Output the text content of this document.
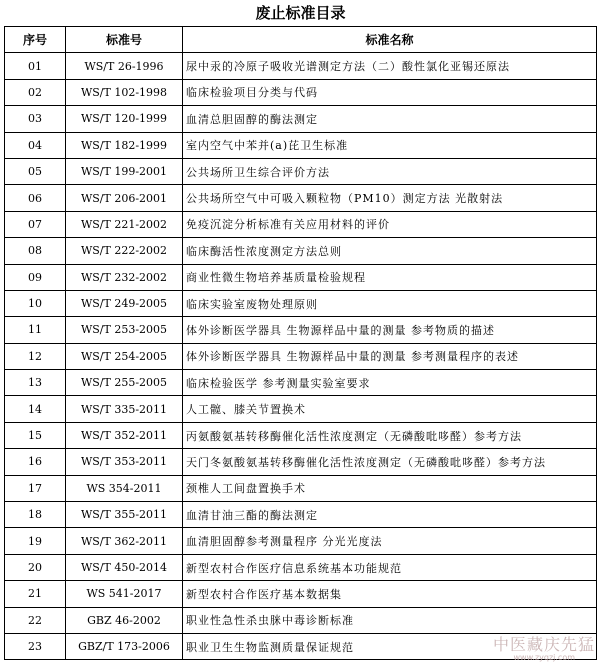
废止标准目录
序号	标准号	标准名称
01	WS/T 26-1996	尿中汞的冷原子吸收光谱测定方法（二）酸性氯化亚锡还原法
02	WS/T 102-1998	临床检验项目分类与代码
03	WS/T 120-1999	血清总胆固醇的酶法测定
04	WS/T 182-1999	室内空气中苯并(a)芘卫生标准
05	WS/T 199-2001	公共场所卫生综合评价方法
06	WS/T 206-2001	公共场所空气中可吸入颗粒物（PM10）测定方法 光散射法
07	WS/T 221-2002	免疫沉淀分析标准有关应用材料的评价
08	WS/T 222-2002	临床酶活性浓度测定方法总则
09	WS/T 232-2002	商业性微生物培养基质量检验规程
10	WS/T 249-2005	临床实验室废物处理原则
11	WS/T 253-2005	体外诊断医学器具 生物源样品中量的测量 参考物质的描述
12	WS/T 254-2005	体外诊断医学器具 生物源样品中量的测量 参考测量程序的表述
13	WS/T 255-2005	临床检验医学 参考测量实验室要求
14	WS/T 335-2011	人工髋、膝关节置换术
15	WS/T 352-2011	丙氨酸氨基转移酶催化活性浓度测定（无磷酸吡哆醛）参考方法
16	WS/T 353-2011	天门冬氨酸氨基转移酶催化活性浓度测定（无磷酸吡哆醛）参考方法
17	WS 354-2011	颈椎人工间盘置换手术
18	WS/T 355-2011	血清甘油三酯的酶法测定
19	WS/T 362-2011	血清胆固醇参考测量程序 分光光度法
20	WS/T 450-2014	新型农村合作医疗信息系统基本功能规范
21	WS 541-2017	新型农村合作医疗基本数据集
22	GBZ 46-2002	职业性急性杀虫脒中毒诊断标准
23	GBZ/T 173-2006	职业卫生生物监测质量保证规范	中医藏庆先猛
www.zyqzj.com
